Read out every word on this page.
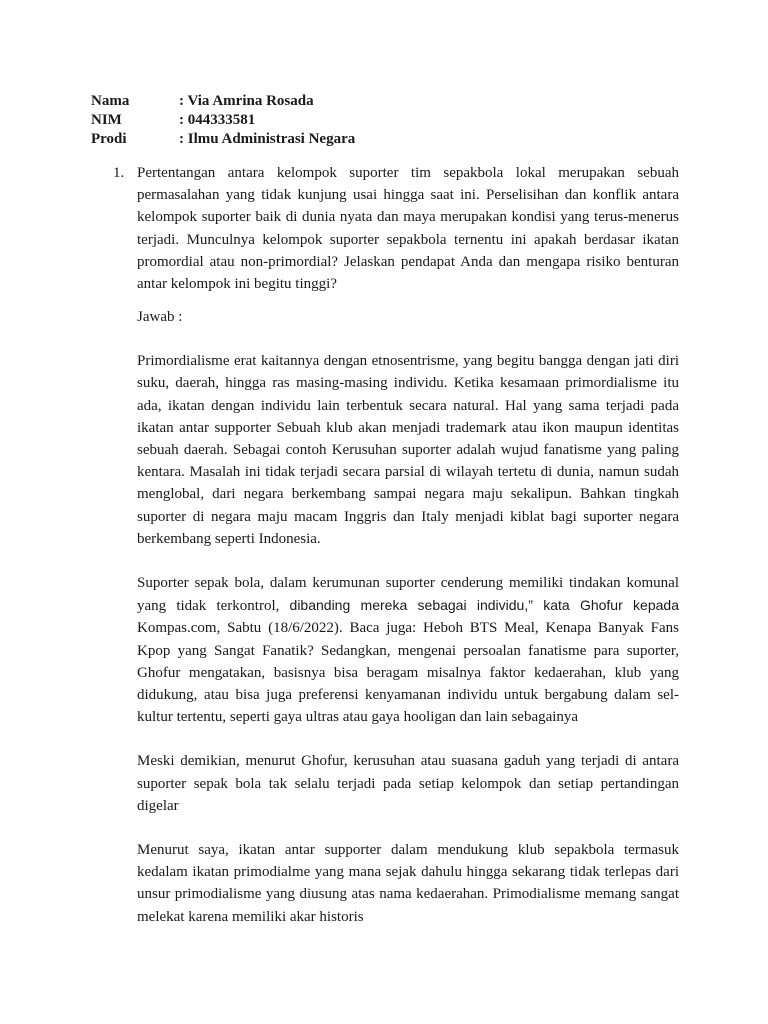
Nama	: Via Amrina Rosada
NIM	: 044333581
Prodi	: Ilmu Administrasi Negara
1. Pertentangan antara kelompok suporter tim sepakbola lokal merupakan sebuah permasalahan yang tidak kunjung usai hingga saat ini. Perselisihan dan konflik antara kelompok suporter baik di dunia nyata dan maya merupakan kondisi yang terus-menerus terjadi. Munculnya kelompok suporter sepakbola ternentu ini apakah berdasar ikatan promordial atau non-primordial? Jelaskan pendapat Anda dan mengapa risiko benturan antar kelompok ini begitu tinggi?

Jawab :

Primordialisme erat kaitannya dengan etnosentrisme, yang begitu bangga dengan jati diri suku, daerah, hingga ras masing-masing individu. Ketika kesamaan primordialisme itu ada, ikatan dengan individu lain terbentuk secara natural. Hal yang sama terjadi pada ikatan antar supporter Sebuah klub akan menjadi trademark atau ikon maupun identitas sebuah daerah. Sebagai contoh Kerusuhan suporter adalah wujud fanatisme yang paling kentara. Masalah ini tidak terjadi secara parsial di wilayah tertetu di dunia, namun sudah menglobal, dari negara berkembang sampai negara maju sekalipun. Bahkan tingkah suporter di negara maju macam Inggris dan Italy menjadi kiblat bagi suporter negara berkembang seperti Indonesia.

Suporter sepak bola, dalam kerumunan suporter cenderung memiliki tindakan komunal yang tidak terkontrol, dibanding mereka sebagai individu,” kata Ghofur kepada Kompas.com, Sabtu (18/6/2022). Baca juga: Heboh BTS Meal, Kenapa Banyak Fans Kpop yang Sangat Fanatik? Sedangkan, mengenai persoalan fanatisme para suporter, Ghofur mengatakan, basisnya bisa beragam misalnya faktor kedaerahan, klub yang didukung, atau bisa juga preferensi kenyamanan individu untuk bergabung dalam sel-kultur tertentu, seperti gaya ultras atau gaya hooligan dan lain sebagainya

Meski demikian, menurut Ghofur, kerusuhan atau suasana gaduh yang terjadi di antara suporter sepak bola tak selalu terjadi pada setiap kelompok dan setiap pertandingan digelar

Menurut saya, ikatan antar supporter dalam mendukung klub sepakbola termasuk kedalam ikatan primodialme yang mana sejak dahulu hingga sekarang tidak terlepas dari unsur primodialisme yang diusung atas nama kedaerahan. Primodialisme memang sangat melekat karena memiliki akar historis
